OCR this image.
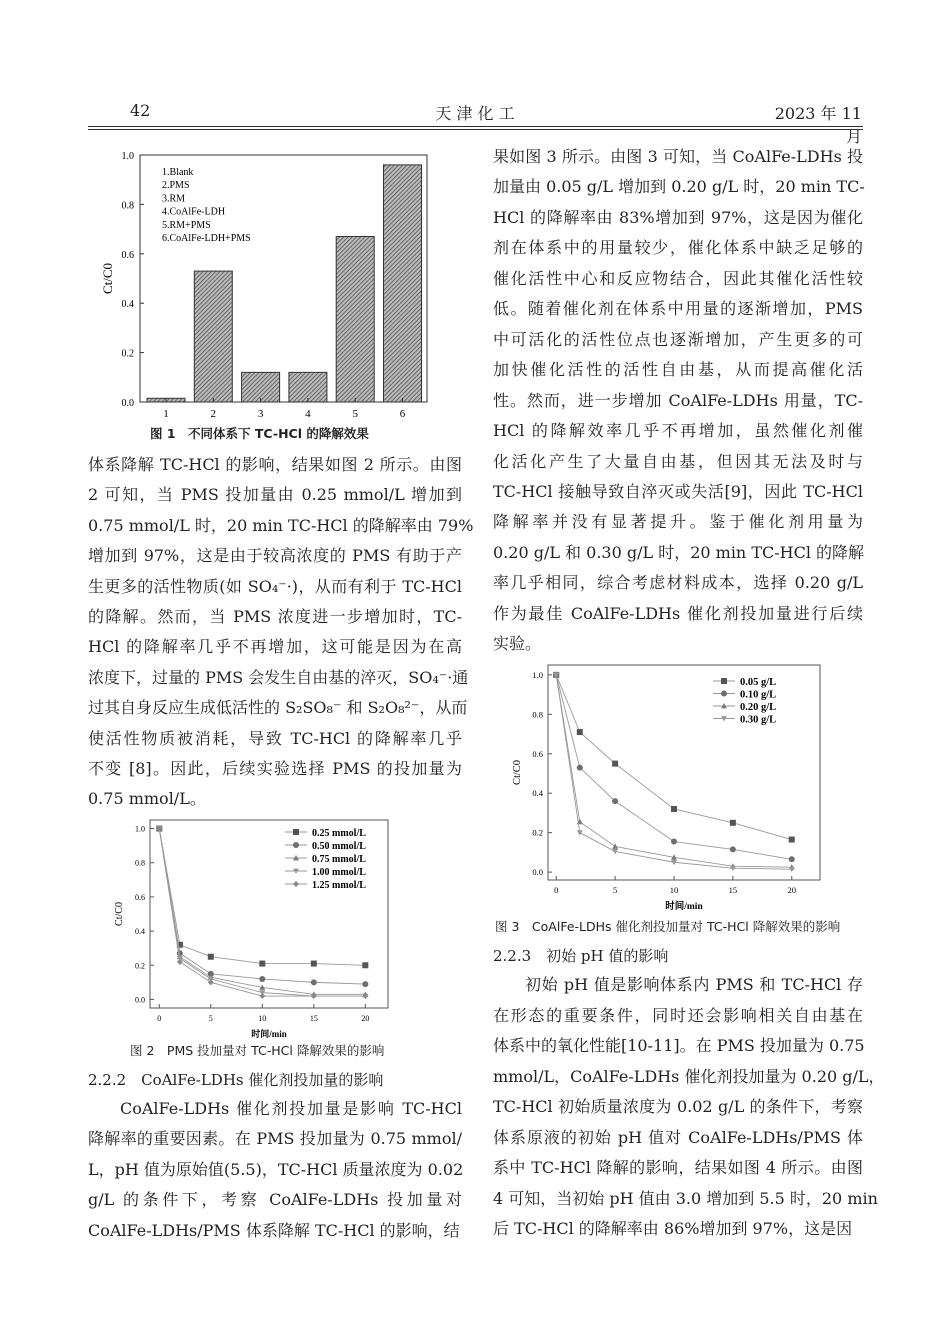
42	天 津 化 工	2023 年 11 月
1	2	3	4	5	6
0.0
0.2
0.4
0.6
0.8
1.0
1.Blank
2.PMS
3.RM
4.CoAlFe-LDH
5.RM+PMS
6.CoAlFe-LDH+PMS
Ct/C0
图 1　不同体系下 TC-HCl 的降解效果
0	5	10	15	20
0.0
0.2
0.4
0.6
0.8
1.0
时间/min
Ct/C0
0.25 mmol/L
0.50 mmol/L
0.75 mmol/L
1.00 mmol/L
1.25 mmol/L
图 2　PMS 投加量对 TC-HCl 降解效果的影响
0	5	10	15	20
0.0
0.2
0.4
0.6
0.8
1.0
时间/min
Ct/C0
0.05 g/L
0.10 g/L
0.20 g/L
0.30 g/L
图 3　CoAlFe-LDHs 催化剂投加量对 TC-HCl 降解效果的影响
2.2.2　CoAlFe-LDHs 催化剂投加量的影响
2.2.3　初始 pH 值的影响
体系降解 TC-HCl 的影响，结果如图 2 所示。由图
2 可知，当 PMS 投加量由 0.25 mmol/L 增加到
0.75 mmol/L 时，20 min TC-HCl 的降解率由 79%
增加到 97%，这是由于较高浓度的 PMS 有助于产
生更多的活性物质(如 SO₄⁻·)，从而有利于 TC-HCl
的降解。然而，当 PMS 浓度进一步增加时，TC-
HCl 的降解率几乎不再增加，这可能是因为在高
浓度下，过量的 PMS 会发生自由基的淬灭，SO₄⁻·通
过其自身反应生成低活性的 S₂SO₈⁻ 和 S₂O₈²⁻，从而
使活性物质被消耗，导致 TC-HCl 的降解率几乎
不变 [8]。因此，后续实验选择 PMS 的投加量为
0.75 mmol/L。
CoAlFe-LDHs 催化剂投加量是影响 TC-HCl
降解率的重要因素。在 PMS 投加量为 0.75 mmol/
L，pH 值为原始值(5.5)，TC-HCl 质量浓度为 0.02
g/L 的条件下，考察 CoAlFe-LDHs 投加量对
CoAlFe-LDHs/PMS 体系降解 TC-HCl 的影响，结
果如图 3 所示。由图 3 可知，当 CoAlFe-LDHs 投
加量由 0.05 g/L 增加到 0.20 g/L 时，20 min TC-
HCl 的降解率由 83%增加到 97%，这是因为催化
剂在体系中的用量较少，催化体系中缺乏足够的
催化活性中心和反应物结合，因此其催化活性较
低。随着催化剂在体系中用量的逐渐增加，PMS
中可活化的活性位点也逐渐增加，产生更多的可
加快催化活性的活性自由基，从而提高催化活
性。然而，进一步增加 CoAlFe-LDHs 用量，TC-
HCl 的降解效率几乎不再增加，虽然催化剂催
化活化产生了大量自由基，但因其无法及时与
TC-HCl 接触导致自淬灭或失活[9]，因此 TC-HCl
降解率并没有显著提升。鉴于催化剂用量为
0.20 g/L 和 0.30 g/L 时，20 min TC-HCl 的降解
率几乎相同，综合考虑材料成本，选择 0.20 g/L
作为最佳 CoAlFe-LDHs 催化剂投加量进行后续
实验。
初始 pH 值是影响体系内 PMS 和 TC-HCl 存
在形态的重要条件，同时还会影响相关自由基在
体系中的氧化性能[10-11]。在 PMS 投加量为 0.75
mmol/L，CoAlFe-LDHs 催化剂投加量为 0.20 g/L，
TC-HCl 初始质量浓度为 0.02 g/L 的条件下，考察
体系原液的初始 pH 值对 CoAlFe-LDHs/PMS 体
系中 TC-HCl 降解的影响，结果如图 4 所示。由图
4 可知，当初始 pH 值由 3.0 增加到 5.5 时，20 min
后 TC-HCl 的降解率由 86%增加到 97%，这是因
